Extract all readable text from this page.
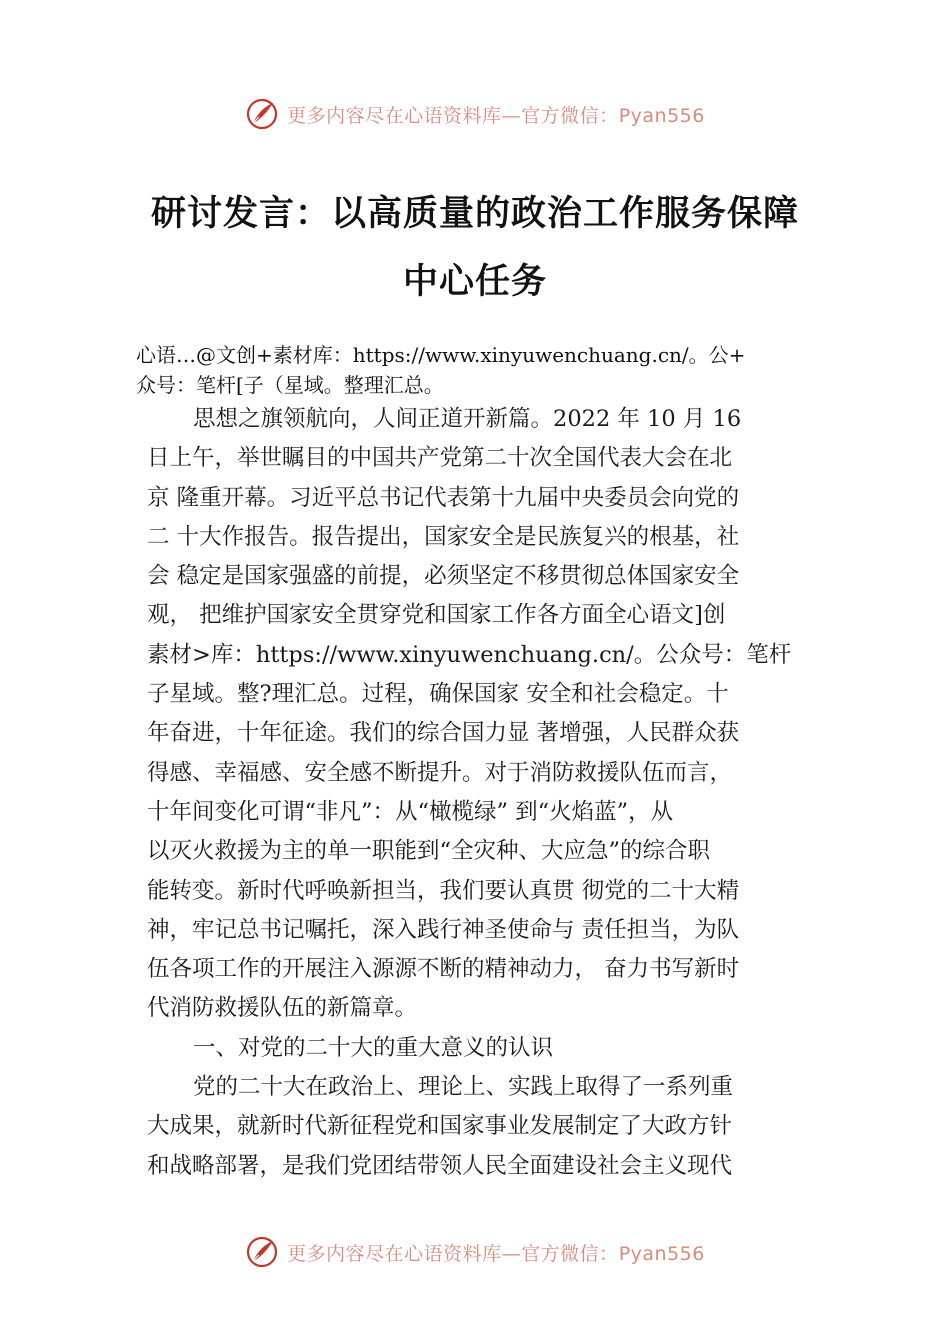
更多内容尽在心语资料库—官方微信：Pyan556
研讨发言：以高质量的政治工作服务保障
中心任务
心语…@文创+素材库：https://www.xinyuwenchuang.cn/。公+
众号：笔杆[子（星域。整理汇总。
思想之旗领航向，人间正道开新篇。2022 年 10 月 16
日上午，举世瞩目的中国共产党第二十次全国代表大会在北
京 隆重开幕。习近平总书记代表第十九届中央委员会向党的
二 十大作报告。报告提出，国家安全是民族复兴的根基，社
会 稳定是国家强盛的前提，必须坚定不移贯彻总体国家安全
观， 把维护国家安全贯穿党和国家工作各方面全心语文]创
素材>库：https://www.xinyuwenchuang.cn/。公众号：笔杆
子星域。整?理汇总。过程，确保国家 安全和社会稳定。十
年奋进，十年征途。我们的综合国力显 著增强，人民群众获
得感、幸福感、安全感不断提升。对于消防救援队伍而言，
十年间变化可谓“非凡”：从“橄榄绿” 到“火焰蓝”，从
以灭火救援为主的单一职能到“全灾种、大应急”的综合职
能转变。新时代呼唤新担当，我们要认真贯 彻党的二十大精
神，牢记总书记嘱托，深入践行神圣使命与 责任担当，为队
伍各项工作的开展注入源源不断的精神动力， 奋力书写新时
代消防救援队伍的新篇章。
一、对党的二十大的重大意义的认识
党的二十大在政治上、理论上、实践上取得了一系列重
大成果，就新时代新征程党和国家事业发展制定了大政方针
和战略部署，是我们党团结带领人民全面建设社会主义现代
更多内容尽在心语资料库—官方微信：Pyan556
